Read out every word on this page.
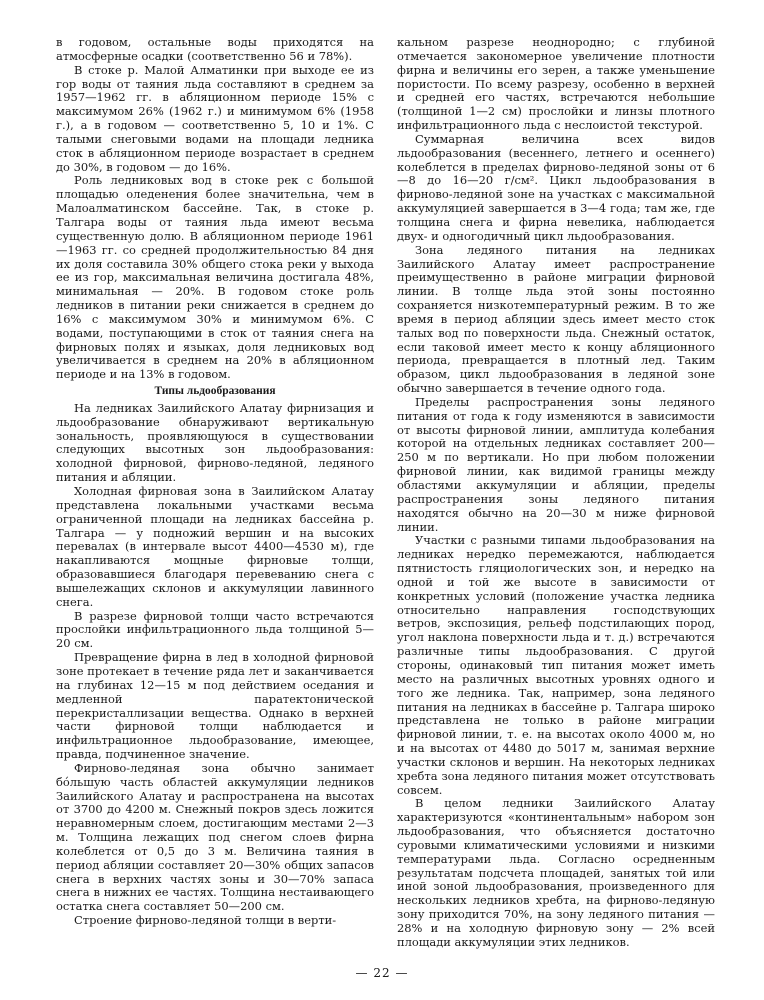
в годовом, остальные воды приходятся на атмосферные осадки (соответственно 56 и 78%).

В стоке р. Малой Алматинки при выходе ее из гор воды от таяния льда составляют в среднем за 1957—1962 гг. в абляционном периоде 15% с максимумом 26% (1962 г.) и минимумом 6% (1958 г.), а в годовом — соответственно 5, 10 и 1%. С талыми снеговыми водами на площади ледника сток в абляционном периоде возрастает в среднем до 30%, в годовом — до 16%.

Роль ледниковых вод в стоке рек с большой площадью оледенения более значительна, чем в Малоалматинском бассейне. Так, в стоке р. Талгара воды от таяния льда имеют весьма существенную долю. В абляционном периоде 1961—1963 гг. со средней продолжительностью 84 дня их доля составила 30% общего стока реки у выхода ее из гор, максимальная величина достигала 48%, минимальная — 20%. В годовом стоке роль ледников в питании реки снижается в среднем до 16% с максимумом 30% и минимумом 6%. С водами, поступающими в сток от таяния снега на фирновых полях и языках, доля ледниковых вод увеличивается в среднем на 20% в абляционном периоде и на 13% в годовом.

Типы льдообразования

На ледниках Заилийского Алатау фирнизация и льдообразование обнаруживают вертикальную зональность, проявляющуюся в существовании следующих высотных зон льдообразования: холодной фирновой, фирново-ледяной, ледяного питания и абляции.

Холодная фирновая зона в Заилийском Алатау представлена локальными участками весьма ограниченной площади на ледниках бассейна р. Талгара — у подножий вершин и на высоких перевалах (в интервале высот 4400—4530 м), где накапливаются мощные фирновые толщи, образовавшиеся благодаря перевеванию снега с вышележащих склонов и аккумуляции лавинного снега.

В разрезе фирновой толщи часто встречаются прослойки инфильтрационного льда толщиной 5—20 см.

Превращение фирна в лед в холодной фирновой зоне протекает в течение ряда лет и заканчивается на глубинах 12—15 м под действием оседания и медленной паратектонической перекристаллизации вещества. Однако в верхней части фирновой толщи наблюдается и инфильтрационное льдообразование, имеющее, правда, подчиненное значение.

Фирново-ледяная зона обычно занимает бóльшую часть областей аккумуляции ледников Заилийского Алатау и распространена на высотах от 3700 до 4200 м. Снежный покров здесь ложится неравномерным слоем, достигающим местами 2—3 м. Толщина лежащих под снегом слоев фирна колеблется от 0,5 до 3 м. Величина таяния в период абляции составляет 20—30% общих запасов снега в верхних частях зоны и 30—70% запаса снега в нижних ее частях. Толщина нестаивающего остатка снега составляет 50—200 см.

Строение фирново-ледяной толщи в верти-

кальном разрезе неоднородно; с глубиной отмечается закономерное увеличение плотности фирна и величины его зерен, а также уменьшение пористости. По всему разрезу, особенно в верхней и средней его частях, встречаются небольшие (толщиной 1—2 см) прослойки и линзы плотного инфильтрационного льда с неслоистой текстурой.

Суммарная величина всех видов льдообразования (весеннего, летнего и осеннего) колеблется в пределах фирново-ледяной зоны от 6—8 до 16—20 г/см². Цикл льдообразования в фирново-ледяной зоне на участках с максимальной аккумуляцией завершается в 3—4 года; там же, где толщина снега и фирна невелика, наблюдается двух- и одногодичный цикл льдообразования.

Зона ледяного питания на ледниках Заилийского Алатау имеет распространение преимущественно в районе миграции фирновой линии. В толще льда этой зоны постоянно сохраняется низкотемпературный режим. В то же время в период абляции здесь имеет место сток талых вод по поверхности льда. Снежный остаток, если таковой имеет место к концу абляционного периода, превращается в плотный лед. Таким образом, цикл льдообразования в ледяной зоне обычно завершается в течение одного года.

Пределы распространения зоны ледяного питания от года к году изменяются в зависимости от высоты фирновой линии, амплитуда колебания которой на отдельных ледниках составляет 200—250 м по вертикали. Но при любом положении фирновой линии, как видимой границы между областями аккумуляции и абляции, пределы распространения зоны ледяного питания находятся обычно на 20—30 м ниже фирновой линии.

Участки с разными типами льдообразования на ледниках нередко перемежаются, наблюдается пятнистость гляциологических зон, и нередко на одной и той же высоте в зависимости от конкретных условий (положение участка ледника относительно направления господствующих ветров, экспозиция, рельеф подстилающих пород, угол наклона поверхности льда и т. д.) встречаются различные типы льдообразования. С другой стороны, одинаковый тип питания может иметь место на различных высотных уровнях одного и того же ледника. Так, например, зона ледяного питания на ледниках в бассейне р. Талгара широко представлена не только в районе миграции фирновой линии, т. е. на высотах около 4000 м, но и на высотах от 4480 до 5017 м, занимая верхние участки склонов и вершин. На некоторых ледниках хребта зона ледяного питания может отсутствовать совсем.

В целом ледники Заилийского Алатау характеризуются «континентальным» набором зон льдообразования, что объясняется достаточно суровыми климатическими условиями и низкими температурами льда. Согласно осредненным результатам подсчета площадей, занятых той или иной зоной льдообразования, произведенного для нескольких ледников хребта, на фирново-ледяную зону приходится 70%, на зону ледяного питания — 28% и на холодную фирновую зону — 2% всей площади аккумуляции этих ледников.

— 22 —
